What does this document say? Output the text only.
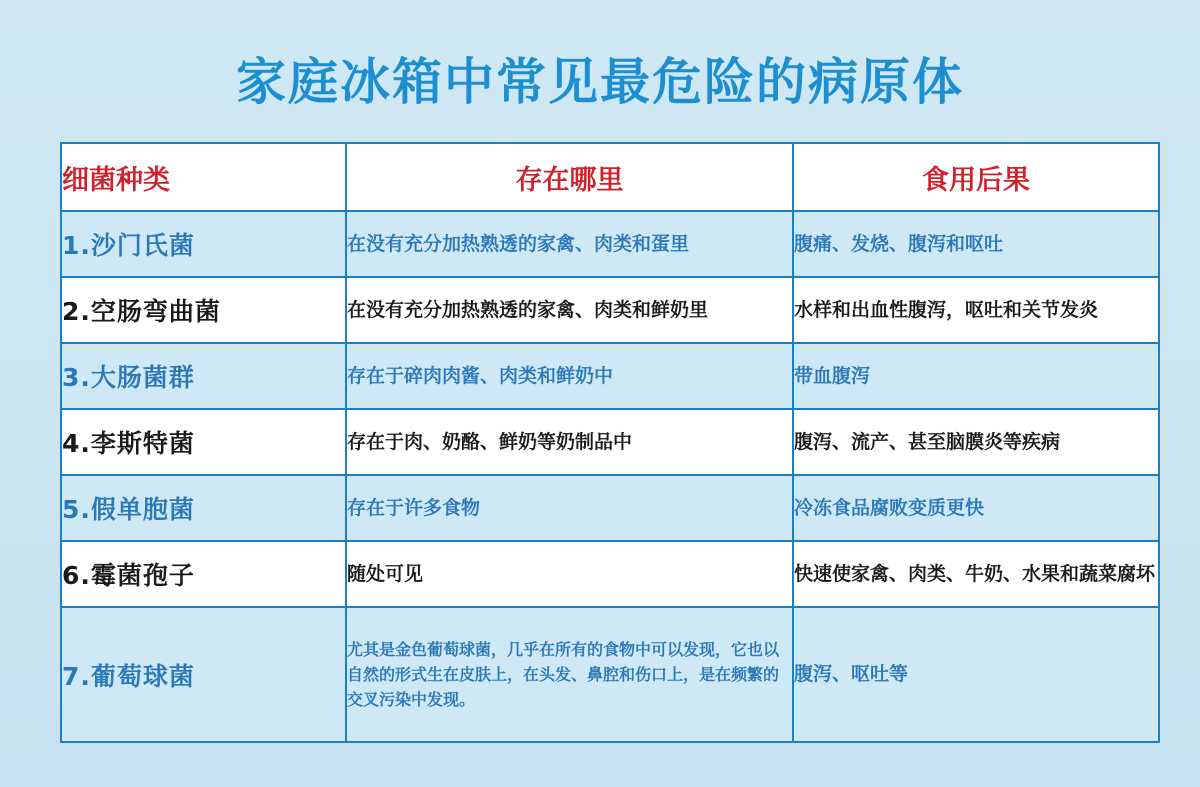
家庭冰箱中常见最危险的病原体
细菌种类	存在哪里	食用后果
1.沙门氏菌	在没有充分加热熟透的家禽、肉类和蛋里	腹痛、发烧、腹泻和呕吐
2.空肠弯曲菌	在没有充分加热熟透的家禽、肉类和鲜奶里	水样和出血性腹泻，呕吐和关节发炎
3.大肠菌群	存在于碎肉肉酱、肉类和鲜奶中	带血腹泻
4.李斯特菌	存在于肉、奶酪、鲜奶等奶制品中	腹泻、流产、甚至脑膜炎等疾病
5.假单胞菌	存在于许多食物	冷冻食品腐败变质更快
6.霉菌孢子	随处可见	快速使家禽、肉类、牛奶、水果和蔬菜腐坏
7.葡萄球菌	尤其是金色葡萄球菌，几乎在所有的食物中可以发现，它也以自然的形式生在皮肤上，在头发、鼻腔和伤口上，是在频繁的交叉污染中发现。	腹泻、呕吐等
